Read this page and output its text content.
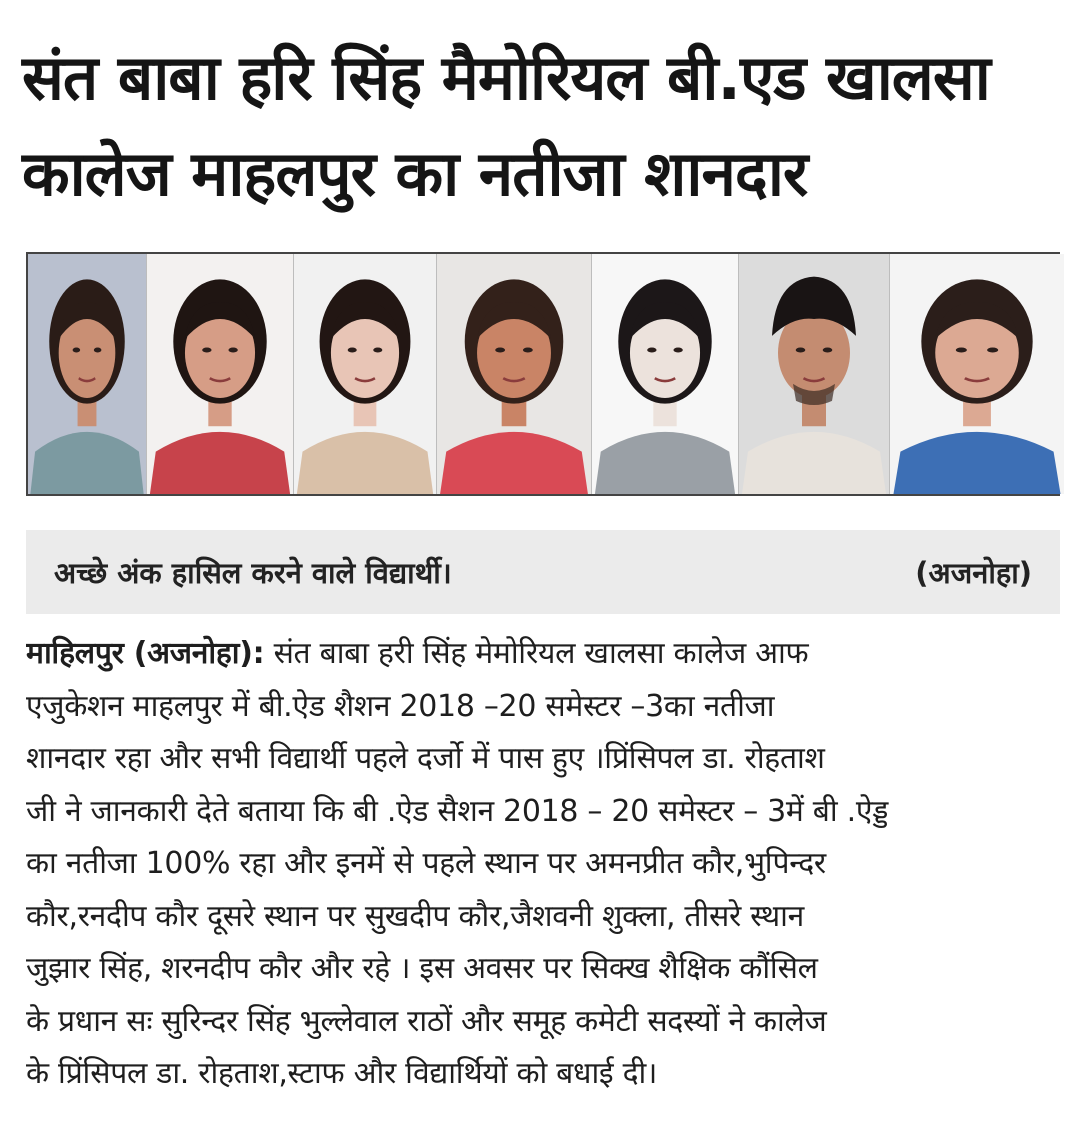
संत बाबा हरि सिंह मैमोरियल बी.एड खालसा
कालेज माहलपुर का नतीजा शानदार
अच्छे अंक हासिल करने वाले विद्यार्थी।	(अजनोहा)
माहिलपुर (अजनोहा): संत बाबा हरी सिंह मेमोरियल खालसा कालेज आफ
एजुकेशन माहलपुर में बी.ऐड शैशन 2018 –20 समेस्टर –3का नतीजा
शानदार रहा और सभी विद्यार्थी पहले दर्जो में पास हुए ।प्रिंसिपल डा. रोहताश
जी ने जानकारी देते बताया कि बी .ऐड सैशन 2018 – 20 समेस्टर – 3में बी .ऐड्ड
का नतीजा 100% रहा और इनमें से पहले स्थान पर अमनप्रीत कौर,भुपिन्दर
कौर,रनदीप कौर दूसरे स्थान पर सुखदीप कौर,जैशवनी शुक्ला, तीसरे स्थान
जुझार सिंह, शरनदीप कौर और रहे । इस अवसर पर सिक्ख शैक्षिक कौंसिल
के प्रधान सः सुरिन्दर सिंह भुल्लेवाल राठों और समूह कमेटी सदस्यों ने कालेज
के प्रिंसिपल डा. रोहताश,स्टाफ और विद्यार्थियों को बधाई दी।
